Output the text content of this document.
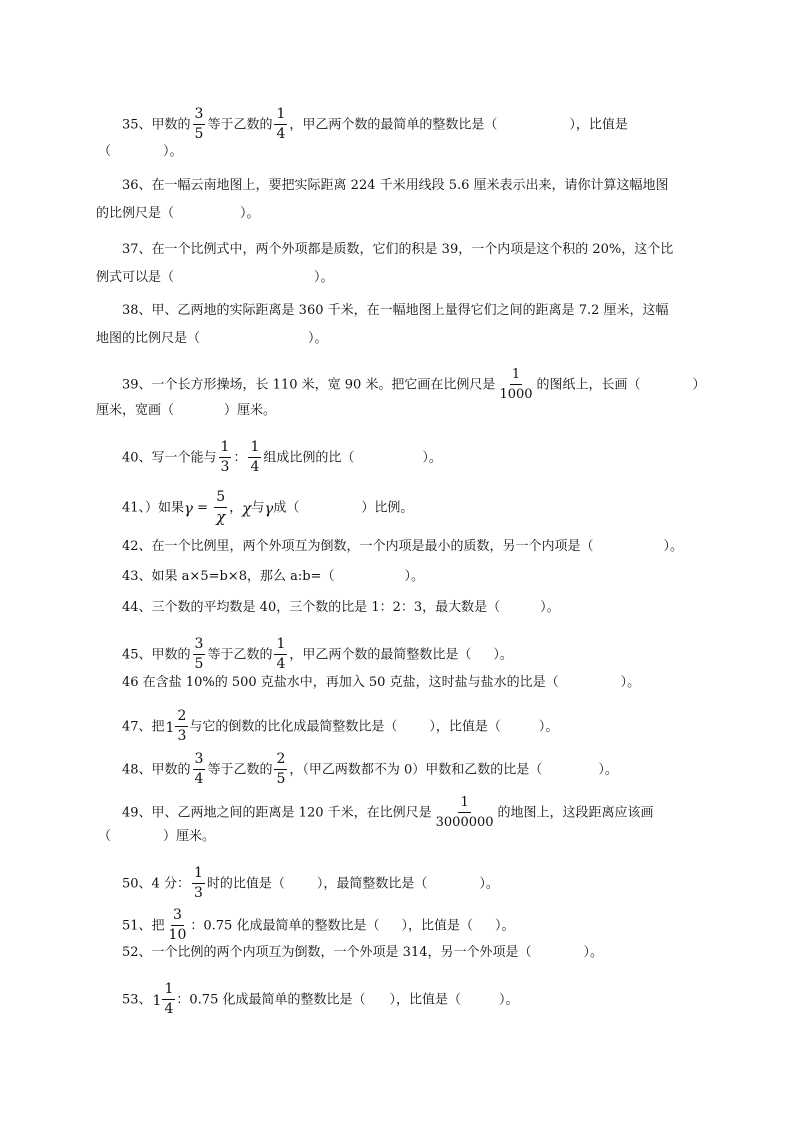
35、甲数的 $\frac{3}{5}$ 等于乙数的 $\frac{1}{4}$ ，甲乙两个数的最简单的整数比是（	），比值是
（	）。
36、在一幅云南地图上，要把实际距离 224 千米用线段 5.6 厘米表示出来，请你计算这幅地图
的比例尺是（	）。
37、在一个比例式中，两个外项都是质数，它们的积是 39，一个内项是这个积的 20%，这个比
例式可以是（	）。
38、甲、乙两地的实际距离是 360 千米，在一幅地图上量得它们之间的距离是 7.2 厘米，这幅
地图的比例尺是（	）。
39、一个长方形操场，长 110 米，宽 90 米。把它画在比例尺是 $\frac{1}{1000}$ 的图纸上，长画（	）
厘米，宽画（	）厘米。
40、写一个能与 $\frac{1}{3}$ ： $\frac{1}{4}$ 组成比例的比（	）。
41、）如果$\gamma = \frac{5}{\chi}$ ，χ与γ成（	）比例。
42、在一个比例里，两个外项互为倒数，一个内项是最小的质数，另一个内项是（	）。
43、如果 a×5=b×8，那么 a:b=（	）。
44、三个数的平均数是 40，三个数的比是 1：2：3，最大数是（	）。
45、甲数的 $\frac{3}{5}$ 等于乙数的 $\frac{1}{4}$ ，甲乙两个数的最简整数比是（ ）。
46 在含盐 10%的 500 克盐水中，再加入 50 克盐，这时盐与盐水的比是（	）。
47、把 $1 \frac{2}{3}$ 与它的倒数的比化成最简整数比是（ ），比值是（	）。
48、甲数的 $\frac{3}{4}$ 等于乙数的 $\frac{2}{5}$ ，（甲乙两数都不为 0）甲数和乙数的比是（	）。
49、甲、乙两地之间的距离是 120 千米，在比例尺是 $\frac{1}{3000000}$ 的地图上，这段距离应该画
（	）厘米。
50、4 分： $\frac{1}{3}$ 时的比值是（ ），最简整数比是（	）。
51、把 $\frac{3}{10}$ ：0.75 化成最简单的整数比是（ ），比值是（ ）。
52、一个比例的两个内项互为倒数，一个外项是 314，另一个外项是（	）。
53、 $1 \frac{1}{4}$ ：0.75 化成最简单的整数比是（ ），比值是（	）。
